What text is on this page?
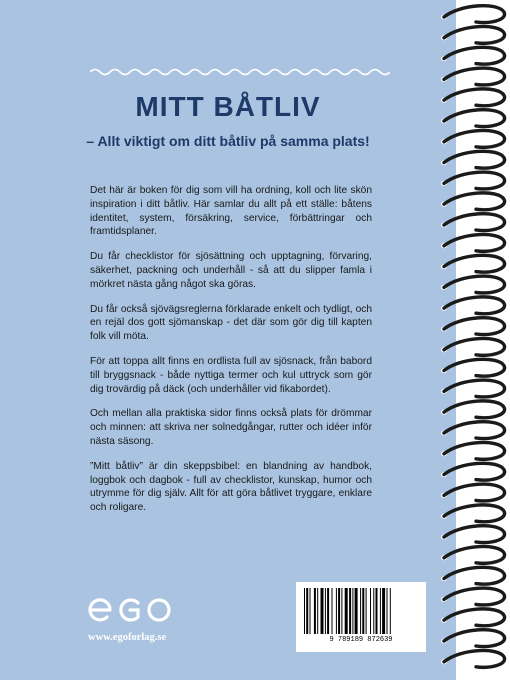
MITT BÅTLIV
– Allt viktigt om ditt båtliv på samma plats!

Det här är boken för dig som vill ha ordning, koll och lite skön inspiration i ditt båtliv. Här samlar du allt på ett ställe: båtens identitet, system, försäkring, service, förbättringar och framtidsplaner.

Du får checklistor för sjösättning och upptagning, förvaring, säkerhet, packning och underhåll - så att du slipper famla i mörkret nästa gång något ska göras.

Du får också sjövägsreglerna förklarade enkelt och tydligt, och en rejäl dos gott sjömanskap - det där som gör dig till kapten folk vill möta.

För att toppa allt finns en ordlista full av sjösnack, från babord till bryggsnack - både nyttiga termer och kul uttryck som gör dig trovärdig på däck (och underhåller vid fikabordet).

Och mellan alla praktiska sidor finns också plats för drömmar och minnen: att skriva ner solnedgångar, rutter och idéer inför nästa säsong.

”Mitt båtliv” är din skeppsbibel: en blandning av handbok, loggbok och dagbok - full av checklistor, kunskap, humor och utrymme för dig själv. Allt för att göra båtlivet tryggare, enklare och roligare.

www.egoforlag.se	9 789189 872639
